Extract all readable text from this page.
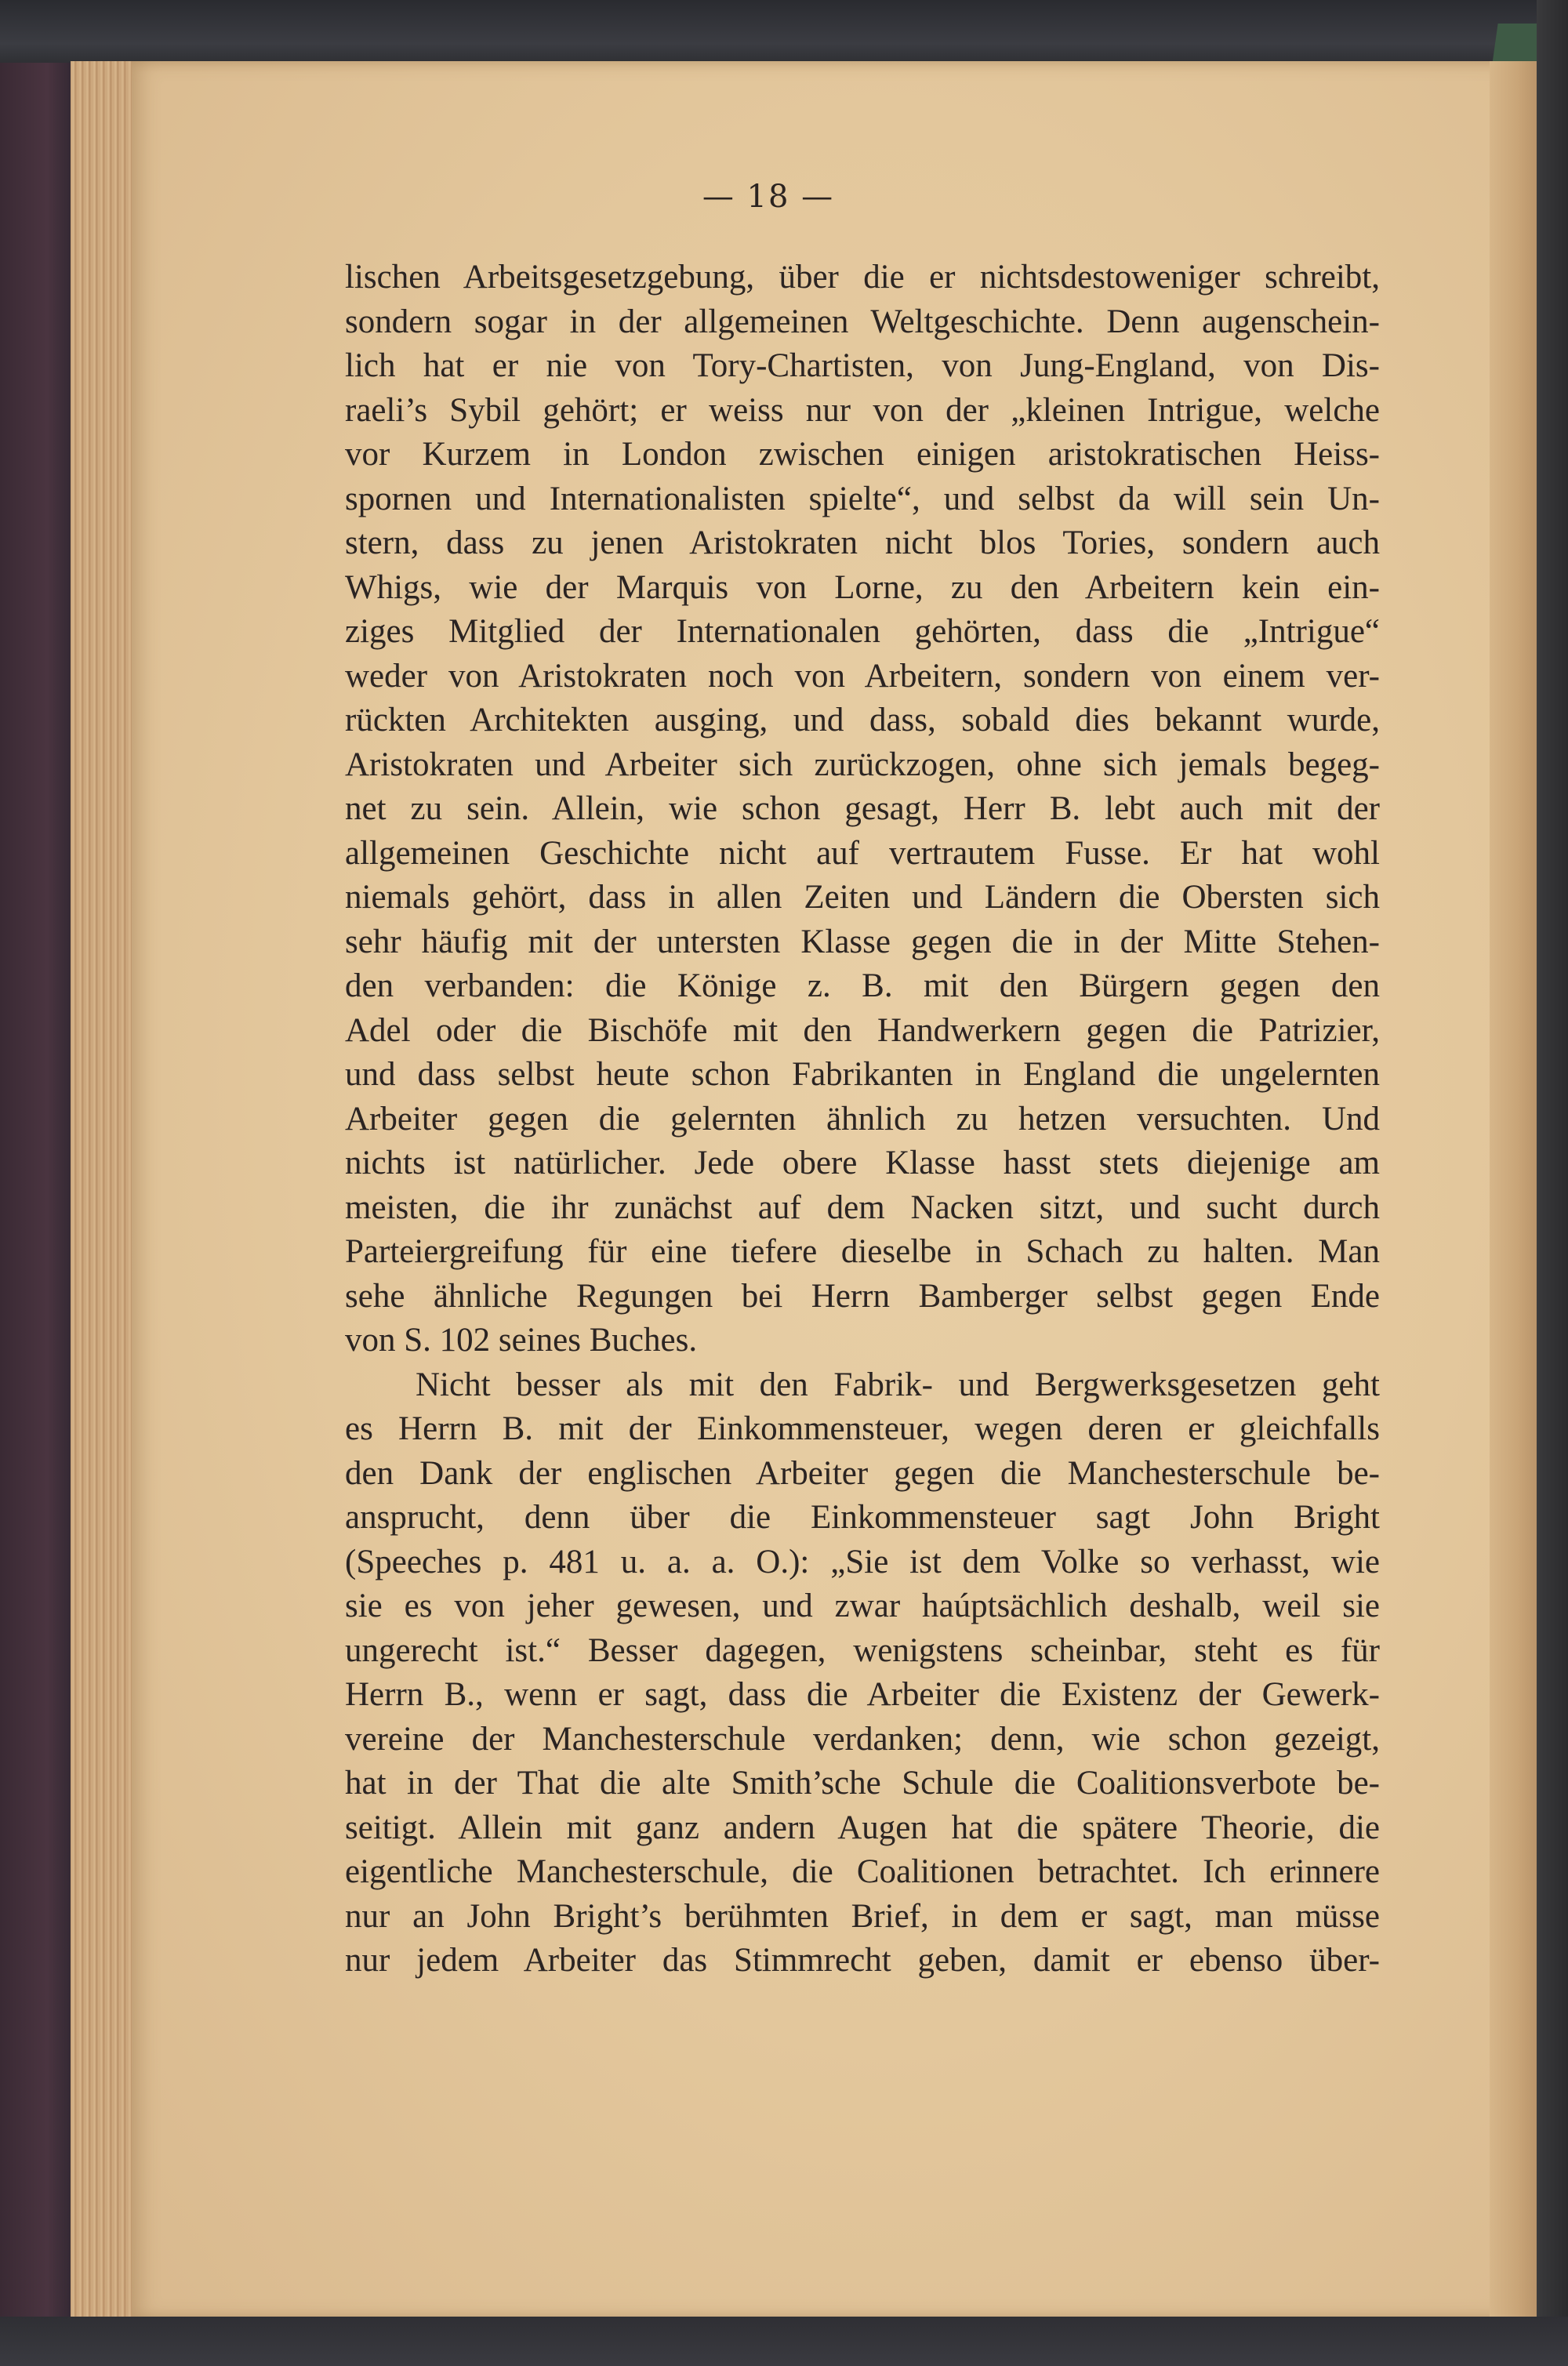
— 18 —
lischen Arbeitsgesetzgebung, über die er nichtsdestoweniger schreibt,
sondern sogar in der allgemeinen Weltgeschichte. Denn augenschein-
lich hat er nie von Tory-Chartisten, von Jung-England, von Dis-
raeli’s Sybil gehört; er weiss nur von der „kleinen Intrigue, welche
vor Kurzem in London zwischen einigen aristokratischen Heiss-
spornen und Internationalisten spielte“, und selbst da will sein Un-
stern, dass zu jenen Aristokraten nicht blos Tories, sondern auch
Whigs, wie der Marquis von Lorne, zu den Arbeitern kein ein-
ziges Mitglied der Internationalen gehörten, dass die „Intrigue“
weder von Aristokraten noch von Arbeitern, sondern von einem ver-
rückten Architekten ausging, und dass, sobald dies bekannt wurde,
Aristokraten und Arbeiter sich zurückzogen, ohne sich jemals begeg-
net zu sein. Allein, wie schon gesagt, Herr B. lebt auch mit der
allgemeinen Geschichte nicht auf vertrautem Fusse. Er hat wohl
niemals gehört, dass in allen Zeiten und Ländern die Obersten sich
sehr häufig mit der untersten Klasse gegen die in der Mitte Stehen-
den verbanden: die Könige z. B. mit den Bürgern gegen den
Adel oder die Bischöfe mit den Handwerkern gegen die Patrizier,
und dass selbst heute schon Fabrikanten in England die ungelernten
Arbeiter gegen die gelernten ähnlich zu hetzen versuchten. Und
nichts ist natürlicher. Jede obere Klasse hasst stets diejenige am
meisten, die ihr zunächst auf dem Nacken sitzt, und sucht durch
Parteiergreifung für eine tiefere dieselbe in Schach zu halten. Man
sehe ähnliche Regungen bei Herrn Bamberger selbst gegen Ende
von S. 102 seines Buches.
Nicht besser als mit den Fabrik- und Bergwerksgesetzen geht
es Herrn B. mit der Einkommensteuer, wegen deren er gleichfalls
den Dank der englischen Arbeiter gegen die Manchesterschule be-
ansprucht, denn über die Einkommensteuer sagt John Bright
(Speeches p. 481 u. a. a. O.): „Sie ist dem Volke so verhasst, wie
sie es von jeher gewesen, und zwar haúptsächlich deshalb, weil sie
ungerecht ist.“ Besser dagegen, wenigstens scheinbar, steht es für
Herrn B., wenn er sagt, dass die Arbeiter die Existenz der Gewerk-
vereine der Manchesterschule verdanken; denn, wie schon gezeigt,
hat in der That die alte Smith’sche Schule die Coalitionsverbote be-
seitigt. Allein mit ganz andern Augen hat die spätere Theorie, die
eigentliche Manchesterschule, die Coalitionen betrachtet. Ich erinnere
nur an John Bright’s berühmten Brief, in dem er sagt, man müsse
nur jedem Arbeiter das Stimmrecht geben, damit er ebenso über-
